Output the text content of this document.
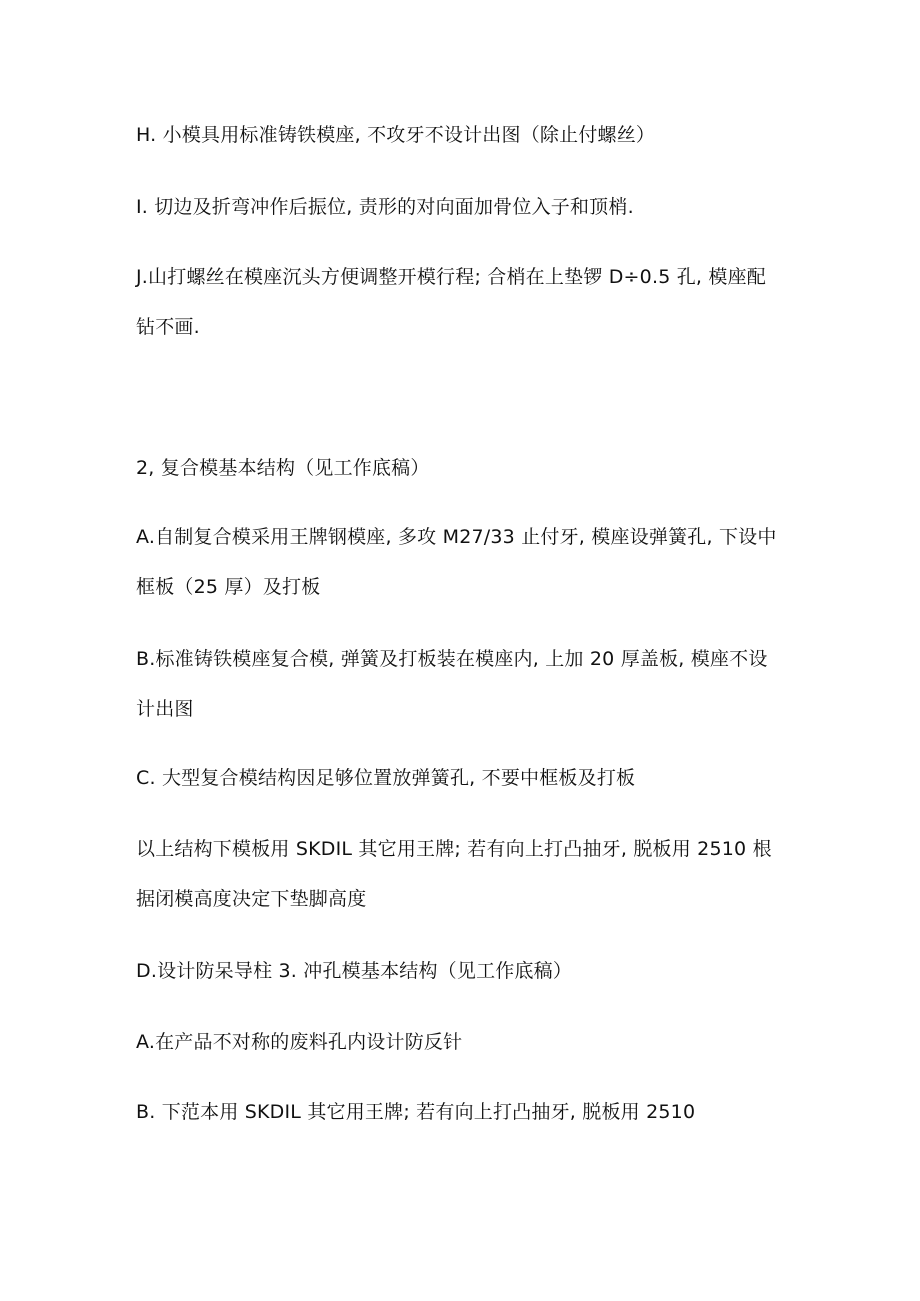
H. 小模具用标准铸铁模座, 不攻牙不设计出图（除止付螺丝）

I. 切边及折弯冲作后振位, 责形的对向面加骨位入子和顶梢.

J.山打螺丝在模座沉头方便调整开模行程; 合梢在上垫锣 D÷0.5 孔, 模座配
钻不画.

2, 复合模基本结构（见工作底稿）

A.自制复合模采用王牌钢模座, 多攻 M27/33 止付牙, 模座设弹簧孔, 下设中
框板（25 厚）及打板

B.标准铸铁模座复合模, 弹簧及打板装在模座内, 上加 20 厚盖板, 模座不设
计出图

C. 大型复合模结构因足够位置放弹簧孔, 不要中框板及打板

以上结构下模板用 SKDIL 其它用王牌; 若有向上打凸抽牙, 脱板用 2510 根
据闭模高度决定下垫脚高度

D.设计防呆导柱 3. 冲孔模基本结构（见工作底稿）

A.在产品不对称的废料孔内设计防反针

B. 下范本用 SKDIL 其它用王牌; 若有向上打凸抽牙, 脱板用 2510
